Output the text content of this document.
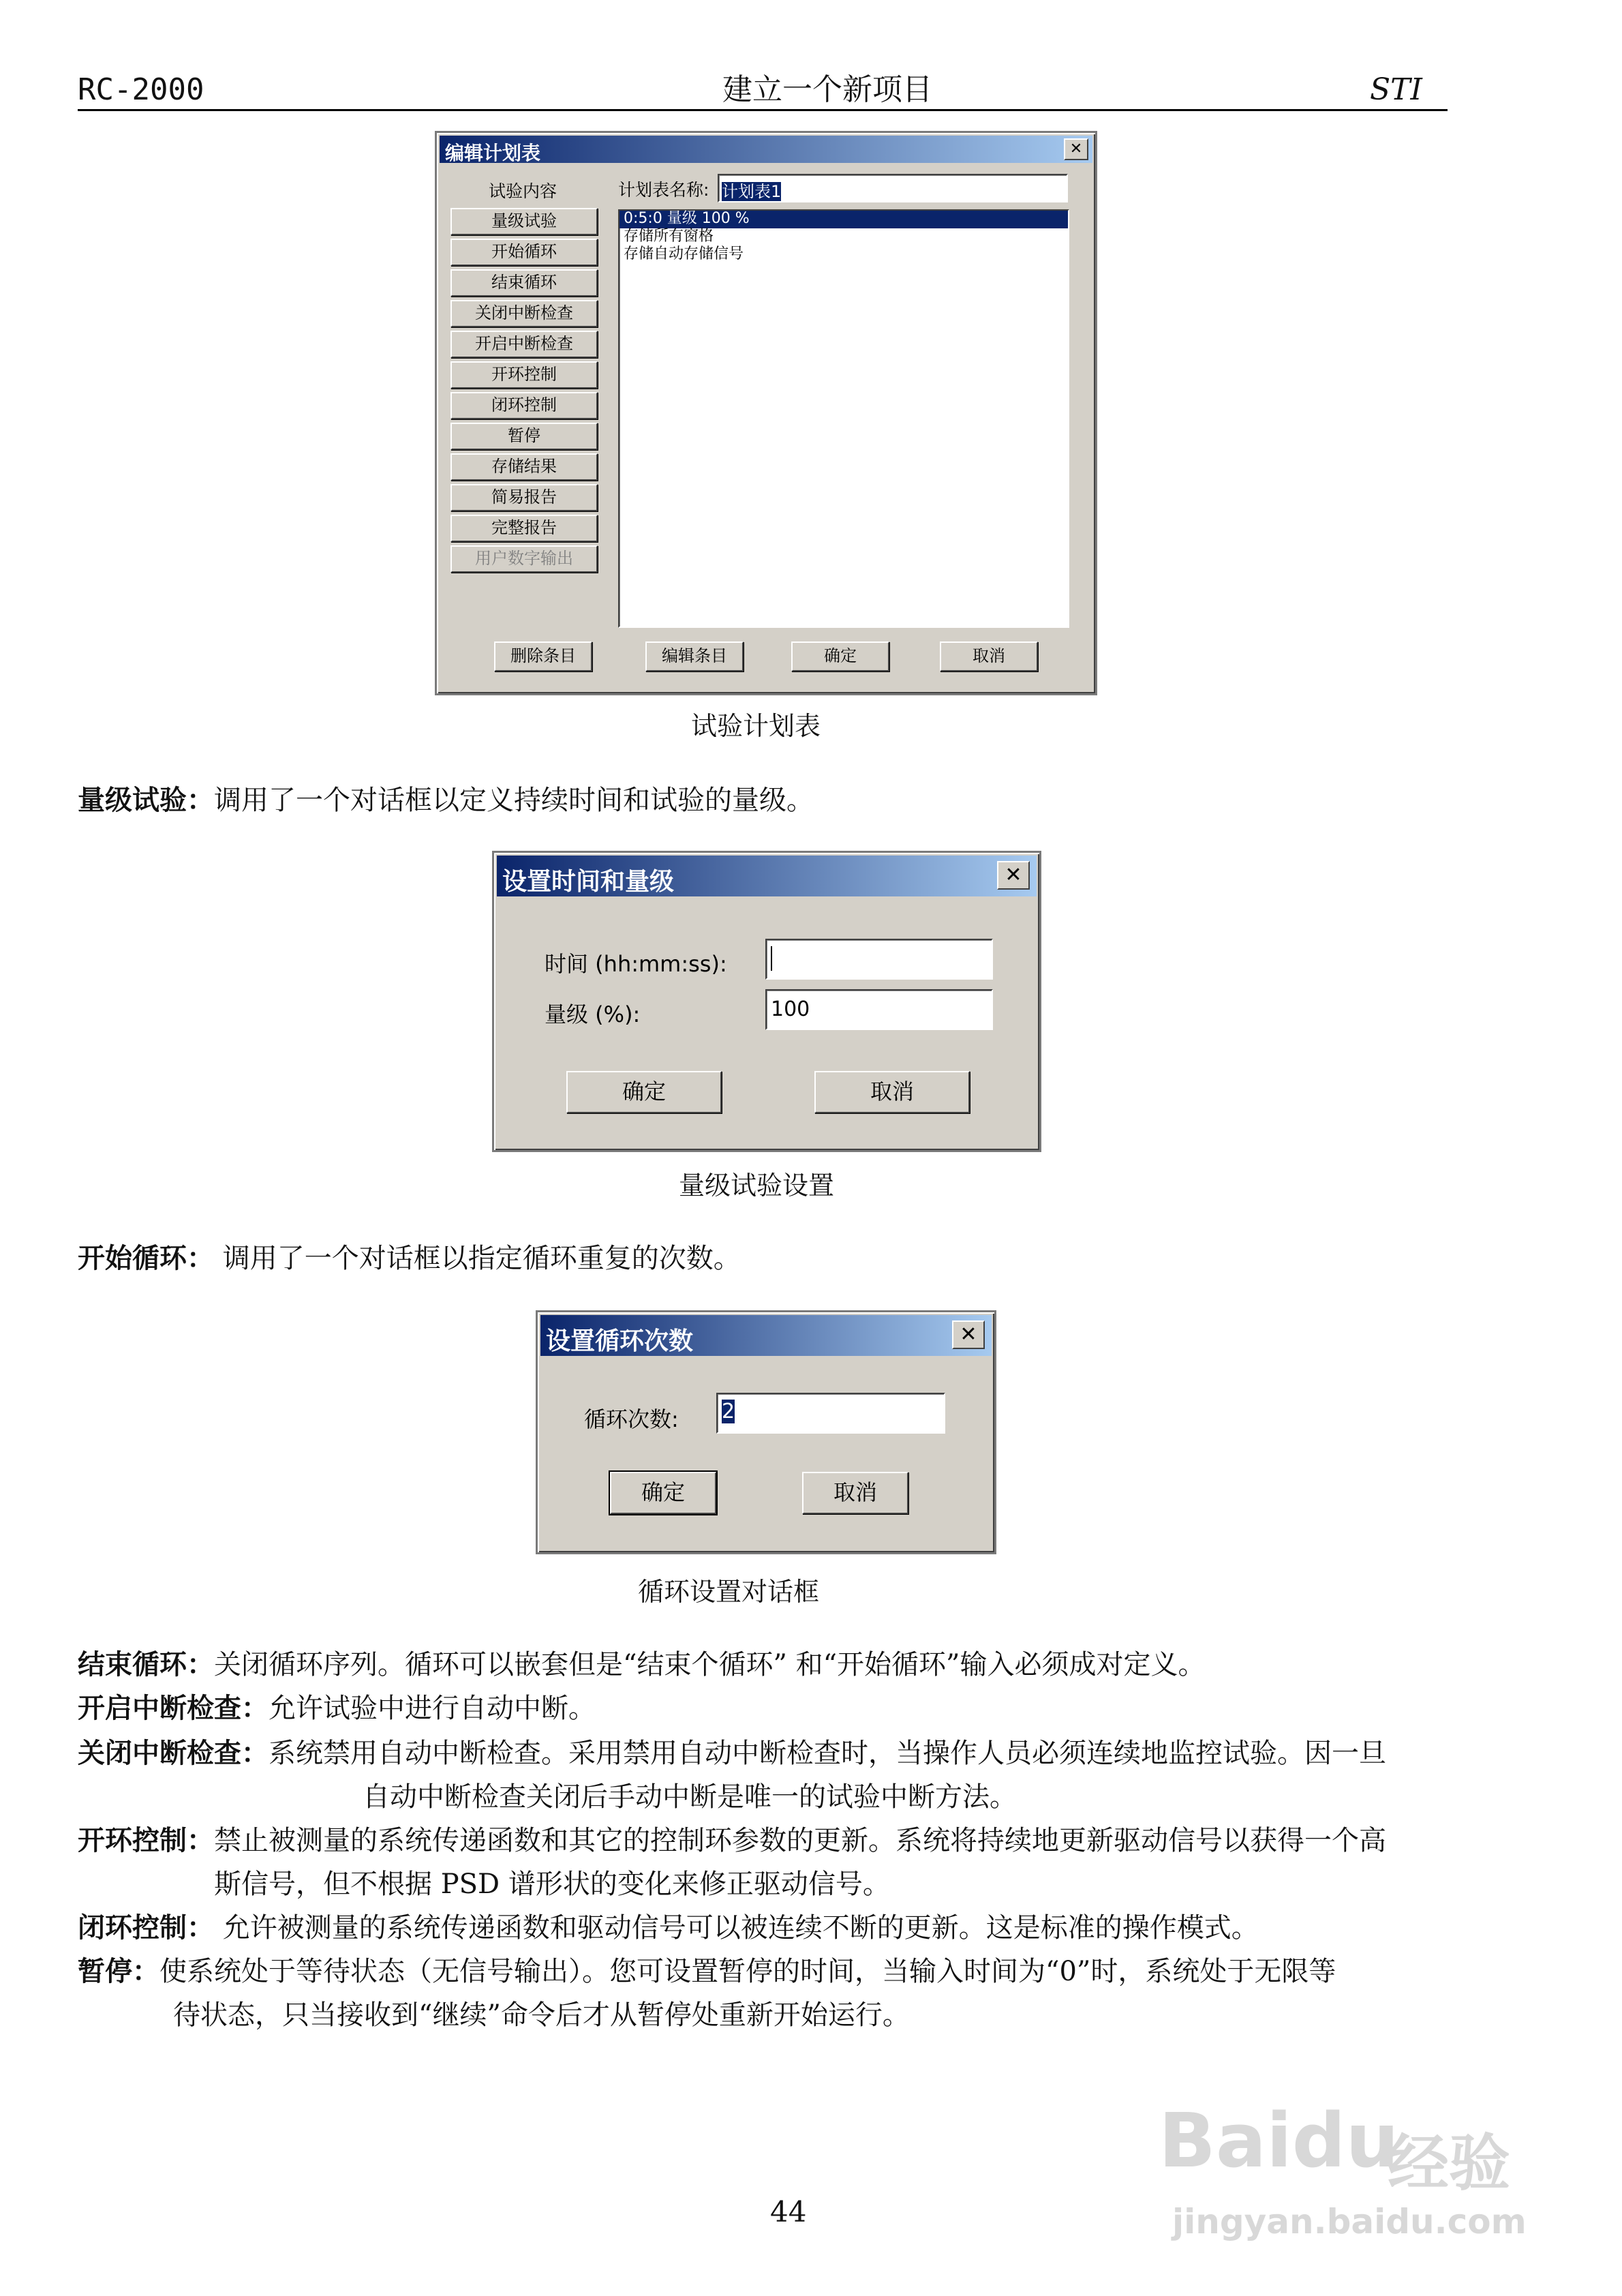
RC-2000	建立一个新项目	STI
编辑计划表	✕
试验内容	计划表名称: 计划表1
量级试验
开始循环
结束循环
关闭中断检查
开启中断检查
开环控制
闭环控制
暂停
存储结果
简易报告
完整报告
用户数字输出
0:5:0 量级 100 %
存储所有窗格
存储自动存储信号
删除条目	编辑条目	确定	取消
试验计划表
量级试验：调用了一个对话框以定义持续时间和试验的量级。
设置时间和量级	✕
时间 (hh:mm:ss):
量级 (%):	100
确定	取消
量级试验设置
开始循环： 调用了一个对话框以指定循环重复的次数。
设置循环次数	✕
循环次数: 2
确定	取消
循环设置对话框
结束循环：关闭循环序列。循环可以嵌套但是“结束个循环” 和“开始循环”输入必须成对定义。
开启中断检查：允许试验中进行自动中断。
关闭中断检查：系统禁用自动中断检查。采用禁用自动中断检查时，当操作人员必须连续地监控试验。因一旦
自动中断检查关闭后手动中断是唯一的试验中断方法。
开环控制：禁止被测量的系统传递函数和其它的控制环参数的更新。系统将持续地更新驱动信号以获得一个高
斯信号，但不根据 PSD 谱形状的变化来修正驱动信号。
闭环控制： 允许被测量的系统传递函数和驱动信号可以被连续不断的更新。这是标准的操作模式。
暂停：使系统处于等待状态（无信号输出）。您可设置暂停的时间，当输入时间为“0”时，系统处于无限等
待状态，只当接收到“继续”命令后才从暂停处重新开始运行。
44
Baidu
经验
jingyan.baidu.com
